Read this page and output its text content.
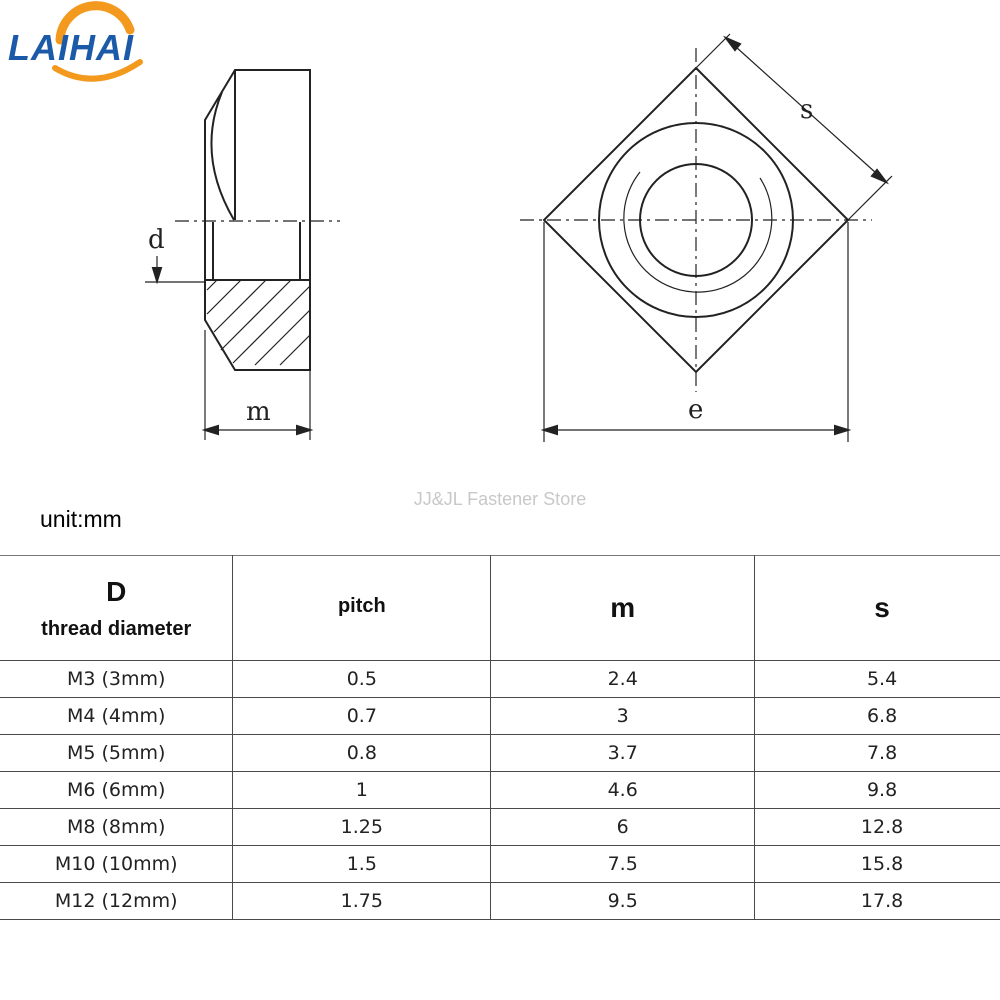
LAIHAI
d
m
s
e
JJ&JL Fastener Store
unit:mm
D
thread diameter	pitch	m	s
M3 (3mm)	0.5	2.4	5.4
M4 (4mm)	0.7	3	6.8
M5 (5mm)	0.8	3.7	7.8
M6 (6mm)	1	4.6	9.8
M8 (8mm)	1.25	6	12.8
M10 (10mm)	1.5	7.5	15.8
M12 (12mm)	1.75	9.5	17.8
